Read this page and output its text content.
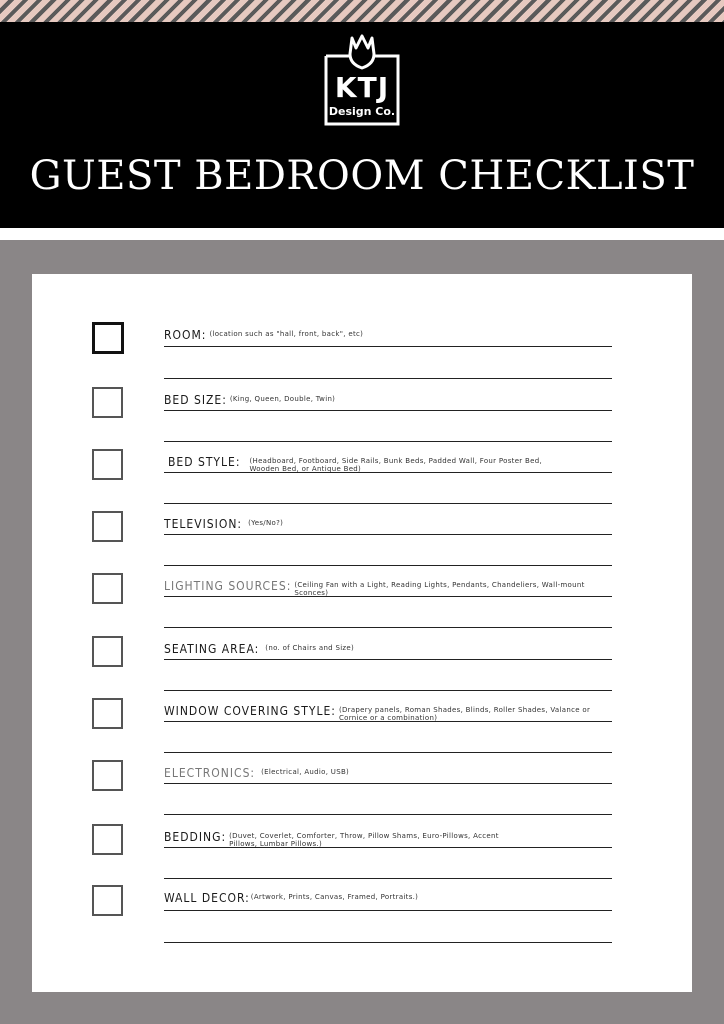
KTJ
Design Co.
GUEST BEDROOM CHECKLIST
ROOM: (location such as "hall, front, back", etc)
BED SIZE: (King, Queen, Double, Twin)
BED STYLE: (Headboard, Footboard, Side Rails, Bunk Beds, Padded Wall, Four Poster Bed, Wooden Bed, or Antique Bed)
TELEVISION: (Yes/No?)
LIGHTING SOURCES: (Ceiling Fan with a Light, Reading Lights, Pendants, Chandeliers, Wall-mount Sconces)
SEATING AREA: (no. of Chairs and Size)
WINDOW COVERING STYLE: (Drapery panels, Roman Shades, Blinds, Roller Shades, Valance or Cornice or a combination)
ELECTRONICS: (Electrical, Audio, USB)
BEDDING: (Duvet, Coverlet, Comforter, Throw, Pillow Shams, Euro-Pillows, Accent Pillows, Lumbar Pillows.)
WALL DECOR: (Artwork, Prints, Canvas, Framed, Portraits.)
